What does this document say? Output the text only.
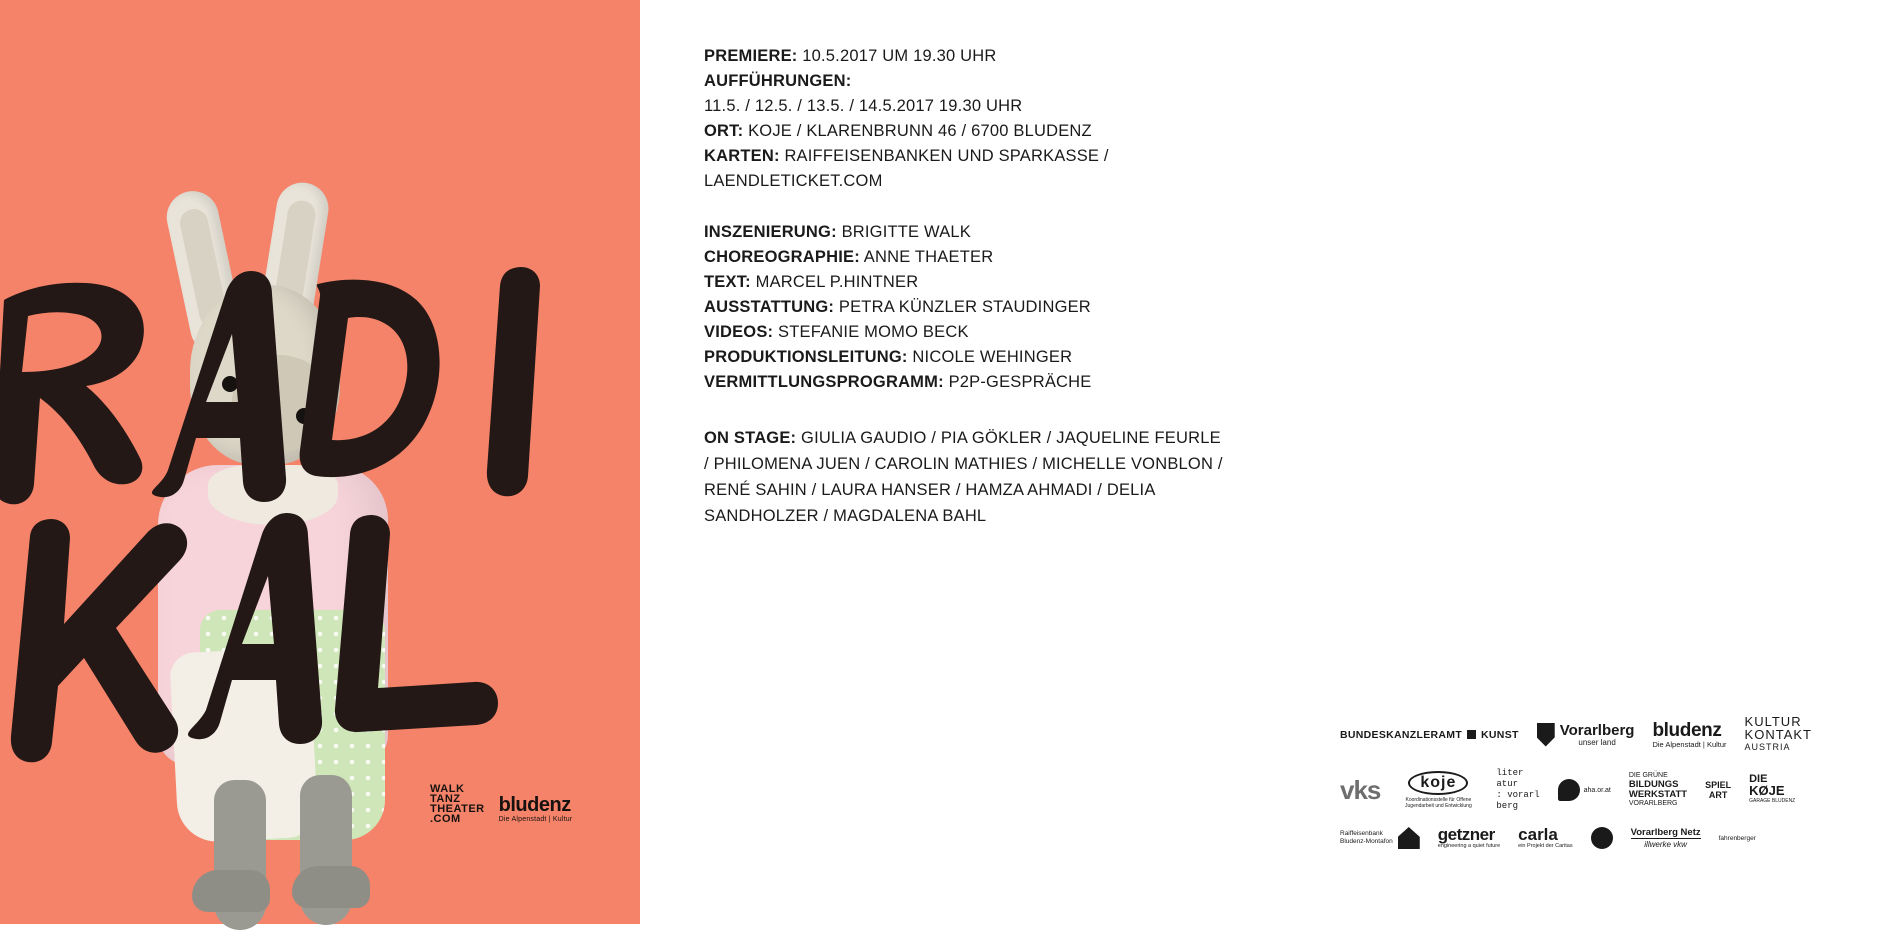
WALK
TANZ
THEATER
.COM
bludenz
Die Alpenstadt | Kultur
PREMIERE: 10.5.2017 UM 19.30 UHR
AUFFÜHRUNGEN:
11.5. / 12.5. / 13.5. / 14.5.2017 19.30 UHR
ORT: KOJE / KLARENBRUNN 46 / 6700 BLUDENZ
KARTEN: RAIFFEISENBANKEN UND SPARKASSE /
LAENDLETICKET.COM
INSZENIERUNG: BRIGITTE WALK
CHOREOGRAPHIE: ANNE THAETER
TEXT: MARCEL P.HINTNER
AUSSTATTUNG: PETRA KÜNZLER STAUDINGER
VIDEOS: STEFANIE MOMO BECK
PRODUKTIONSLEITUNG: NICOLE WEHINGER
VERMITTLUNGSPROGRAMM: P2P-GESPRÄCHE
ON STAGE: GIULIA GAUDIO / PIA GÖKLER / JAQUELINE FEURLE / PHILOMENA JUEN / CAROLIN MATHIES / MICHELLE VONBLON / RENÉ SAHIN / LAURA HANSER / HAMZA AHMADI / DELIA SANDHOLZER / MAGDALENA BAHL
BUNDESKANZLERAMT KUNST	Vorarlberg
unser land
bludenz
Die Alpenstadt | Kultur
KULTUR
KONTAKT
AUSTRIA
vks	koje
Koordinationsstelle für Offene Jugendarbeit und Entwicklung
liter
atur
: vorarl
berg
aha.or.at
DIE GRÜNE
BILDUNGS
WERKSTATT
VORARLBERG
SPIEL
ART
DIE
KØJE
GARAGE BLUDENZ
Raiffeisenbank
Bludenz-Montafon	getzner
engineering a quiet future
carla
ein Projekt der Caritas
Vorarlberg Netz
illwerke vkw
fahrenberger
